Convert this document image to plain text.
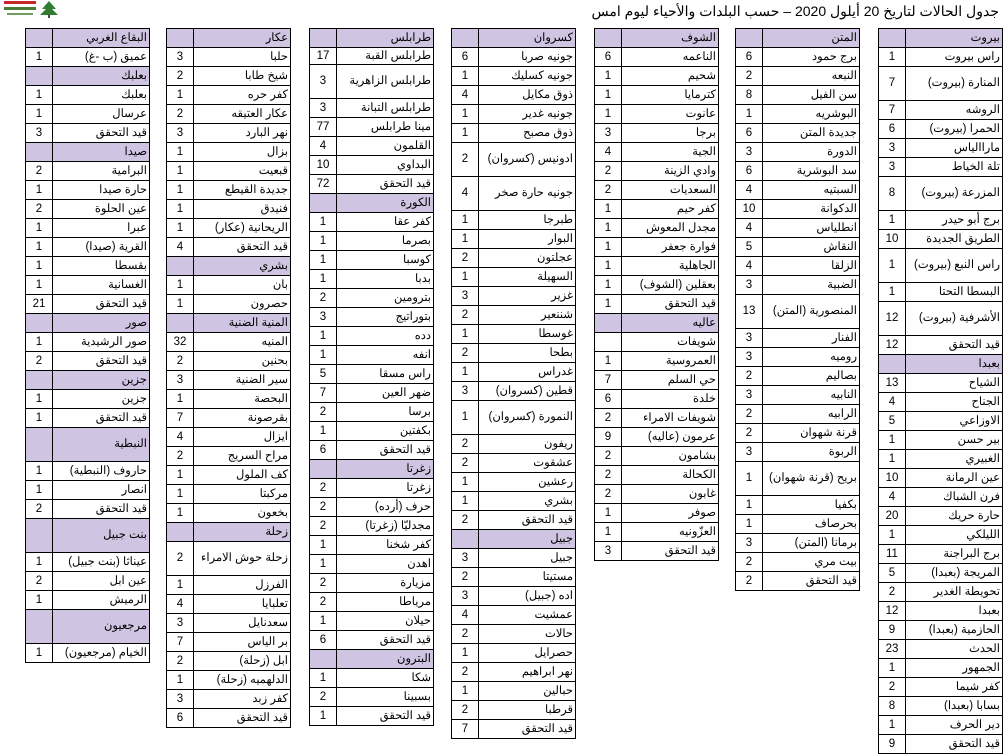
جدول الحالات لتاريخ 20 أيلول 2020 – حسب البلدات والأحياء ليوم امس
بيروت	
راس بيروت	1
المنارة (بيروت)	7
الروشه	7
الحمرا (بيروت)	6
ماراالياس	3
تلة الخياط	3
المزرعة (بيروت)	8
برج أبو حيدر	1
الطريق الجديدة	10
راس النبع (بيروت)	1
البسطا التحتا	1
الأشرفية (بيروت)	12
قيد التحقق	12
بعبدا	
الشياح	13
الجناح	4
الاوزاعي	5
بير حسن	1
الغبيري	1
عين الرمانة	10
فرن الشباك	4
حارة حريك	20
الليلكي	1
برج البراجنة	11
المريجة (بعبدا)	5
تحويطة الغدير	2
بعبدا	12
الحازمية (بعبدا)	9
الحدث	23
الجمهور	1
كفر شيما	2
بسابا (بعبدا)	8
دير الحرف	1
قيد التحقق	9
المتن	
برج حمود	6
النبعه	2
سن الفيل	8
البوشريه	1
جديدة المتن	6
الدورة	3
سد البوشرية	6
السبتيه	4
الدكوانة	10
انطلياس	4
النقاش	5
الزلقا	4
الضبية	3
المنصورية (المتن)	13
الفنار	3
روميه	3
بصاليم	2
النابيه	3
الرابيه	2
قرنة شهوان	2
الربوة	3
بريح (قرنة شهوان)	1
بكفيا	1
بحرصاف	1
برمانا (المتن)	3
بيت مري	2
قيد التحقق	2
الشوف	
الناعمه	6
شحيم	1
كترمايا	1
عانوت	1
برجا	3
الجية	4
وادي الزينة	2
السعديات	2
كفر حيم	1
مجدل المعوش	1
فوارة جعفر	1
الجاهلية	1
بعقلين (الشوف)	1
قيد التحقق	1
عاليه	
شويفات	
العمروسية	1
حي السلم	7
خلدة	6
شويفات الامراء	2
عرمون (عاليه)	9
بشامون	2
الكحالة	2
غابون	2
صوفر	1
العزّونيه	1
قيد التحقق	3
كسروان	
جونيه صربا	6
جونيه كسليك	1
ذوق مكايل	4
جونيه غدير	1
ذوق مصبح	1
ادونيس (كسروان)	2
جونيه حارة صخر	4
طبرجا	1
البوار	1
عجلتون	2
السهيلة	1
غزير	3
شننعير	2
غوسطا	1
بطحا	2
غدراس	1
قطين (كسروان)	3
النمورة (كسروان)	1
ريفون	2
عشقوت	2
رعشين	1
بشري	1
قيد التحقق	2
جبيل	
جبيل	3
مستيتا	2
اده (جبيل)	3
عمشيت	4
حالات	2
حصرايل	1
نهر ابراهيم	2
حبالين	1
قرطبا	2
قيد التحقق	7
طرابلس	
طرابلس القبة	17
طرابلس الزاهرية	3
طرابلس التبانة	3
مينا طرابلس	77
القلمون	4
البداوي	10
قيد التحقق	72
الكورة	
كفر عقا	1
بصرما	1
كوسبا	1
بدبا	1
بترومين	2
بتوراتيج	3
دده	1
انفه	1
راس مسقا	5
ضهر العين	7
برسا	2
بكفتين	1
قيد التحقق	6
زغرتا	
زغرتا	2
حرف (أرده)	2
مجدليّا (زغرتا)	2
كفر شخنا	1
اهدن	1
مزيارة	2
مرياطا	2
حيلان	1
قيد التحقق	6
البترون	
شكا	1
بسبينا	2
قيد التحقق	1
عكار	
حلبا	3
شيخ طابا	2
كفر حره	1
عكار العتيقه	2
نهر البارد	3
بزال	1
قبعيت	1
جديدة القيطع	1
فنيدق	1
الريحانية (عكار)	1
قيد التحقق	4
بشري	
بان	1
حصرون	1
المنية الضنية	
المنيه	32
بحنين	2
سير الضنية	3
البحصة	1
بقرصونة	7
ايزال	4
مراح السريج	2
كف الملول	1
مركبتا	1
بخعون	1
زحلة	
زحلة حوش الامراء	2
الفرزل	1
تعلبايا	4
سعدنايل	3
بر الياس	7
ابل (زحلة)	2
الدلهميه (زحلة)	1
كفر زبد	3
قيد التحقق	6
البقاع الغربي	
عميق (ب -غ)	1
بعلبك	
بعلبك	1
عرسال	1
قيد التحقق	3
صيدا	
البرامية	2
حارة صيدا	1
عين الحلوة	2
عبرا	1
القرية (صيدا)	1
بقسطا	1
الغسانية	1
قيد التحقق	21
صور	
صور الرشيدية	1
قيد التحقق	2
جزين	
جزين	1
قيد التحقق	1
النبطية	
حاروف (النبطية)	1
انصار	1
قيد التحقق	2
بنت جبيل	
عيناثا (بنت جبيل)	1
عين ابل	2
الرميش	1
مرجعيون	
الخيام (مرجعيون)	1
